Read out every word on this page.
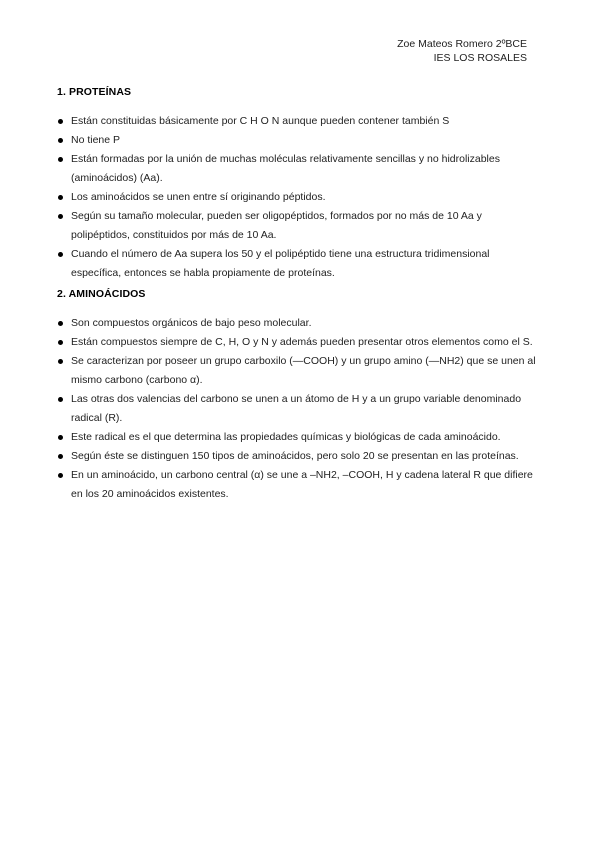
Zoe Mateos Romero 2ºBCE
IES LOS ROSALES
1. PROTEÍNAS
Están constituidas básicamente por C H O N aunque pueden contener también S
No tiene P
Están formadas por la unión de muchas moléculas relativamente sencillas y no hidrolizables (aminoácidos) (Aa).
Los aminoácidos se unen entre sí originando péptidos.
Según su tamaño molecular, pueden ser oligopéptidos, formados por no más de 10 Aa y polipéptidos, constituidos por más de 10 Aa.
Cuando el número de Aa supera los 50 y el polipéptido tiene una estructura tridimensional específica, entonces se habla propiamente de proteínas.
2. AMINOÁCIDOS
Son compuestos orgánicos de bajo peso molecular.
Están compuestos siempre de C, H, O y N y además pueden presentar otros elementos como el S.
Se caracterizan por poseer un grupo carboxilo (—COOH) y un grupo amino (—NH2) que se unen al mismo carbono (carbono α).
Las otras dos valencias del carbono se unen a un átomo de H y a un grupo variable denominado radical (R).
Este radical es el que determina las propiedades químicas y biológicas de cada aminoácido.
Según éste se distinguen 150 tipos de aminoácidos, pero solo 20 se presentan en las proteínas.
En un aminoácido, un carbono central (α) se une a –NH2, –COOH, H y cadena lateral R que difiere en los 20 aminoácidos existentes.
